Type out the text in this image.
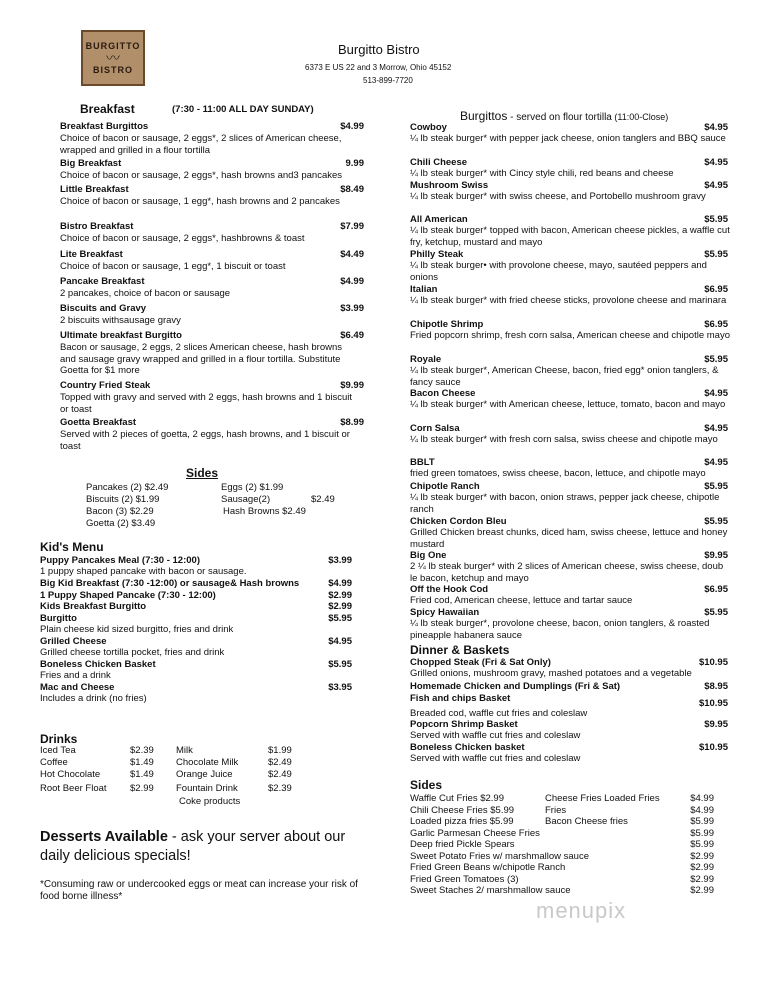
BURGITTO
〰
BISTRO
Burgitto Bistro
6373 E US 22 and 3 Morrow, Ohio 45152
513-899-7720
Breakfast	(7:30 - 11:00 ALL DAY SUNDAY)
Sides
Pancakes (2) $2.49	Eggs (2) $1.99
Biscuits (2) $1.99	Sausage(2)	$2.49
Bacon (3) $2.29	Hash Browns $2.49
Goetta (2) $3.49
Kid's Menu
Drinks
Coke products
Desserts Available - ask your server about our daily delicious specials!
*Consuming raw or undercooked eggs or meat can increase your risk of food borne illness*
Burgittos - served on flour tortilla (11:00-Close)
Dinner & Baskets
Sides
menupix
Breakfast Burgittos	$4.99
Choice of bacon or sausage, 2 eggs*, 2 slices of American cheese, wrapped and grilled in a flour tortilla
Big Breakfast	9.99
Choice of bacon or sausage, 2 eggs*, hash browns and3 pancakes
Little Breakfast	$8.49
Choice of bacon or sausage, 1 egg*, hash browns and 2 pancakes
Bistro Breakfast	$7.99
Choice of bacon or sausage, 2 eggs*, hashbrowns & toast
Lite Breakfast	$4.49
Choice of bacon or sausage, 1 egg*, 1 biscuit or toast
Pancake Breakfast	$4.99
2 pancakes, choice of bacon or sausage
Biscuits and Gravy	$3.99
2 biscuits withsausage gravy
Ultimate breakfast Burgitto	$6.49
Bacon or sausage, 2 eggs, 2 slices American cheese, hash browns and sausage gravy wrapped and grilled in a flour tortilla. Substitute Goetta for $1 more
Country Fried Steak	$9.99
Topped with gravy and served with 2 eggs, hash browns and 1 biscuit or toast
Goetta Breakfast	$8.99
Served with 2 pieces of goetta, 2 eggs, hash browns, and 1 biscuit or toast
Puppy Pancakes Meal (7:30 - 12:00)	$3.99
1 puppy shaped pancake with bacon or sausage.
Big Kid Breakfast (7:30 -12:00) or sausage& Hash browns	$4.99
1 Puppy Shaped Pancake (7:30 - 12:00)	$2.99
Kids Breakfast Burgitto	$2.99
Burgitto	$5.95
Plain cheese kid sized burgitto, fries and drink
Grilled Cheese	$4.95
Grilled cheese tortilla pocket, fries and drink
Boneless Chicken Basket	$5.95
Fries and a drink
Mac and Cheese	$3.95
Includes a drink (no fries)
Iced Tea	$2.39
Coffee	$1.49
Hot Chocolate	$1.49
Root Beer Float $2.99
Milk	$1.99
Chocolate Milk	$2.49
Orange Juice	$2.49
Fountain Drink	$2.39
Cowboy	$4.95
¼ lb steak burger* with pepper jack cheese, onion tanglers and BBQ sauce
Chili Cheese	$4.95
¼ lb steak burger* with Cincy style chili, red beans and cheese
Mushroom Swiss	$4.95
¼ lb steak burger* with swiss cheese, and Portobello mushroom gravy
All American	$5.95
¼ lb steak burger* topped with bacon, American cheese pickles, a waffle cut fry, ketchup, mustard and mayo
Philly Steak	$5.95
¼ lb steak burger• with provolone cheese, mayo, sautéed peppers and onions
Italian	$6.95
¼ lb steak burger* with fried cheese sticks, provolone cheese and marinara
Chipotle Shrimp	$6.95
Fried popcorn shrimp, fresh corn salsa, American cheese and chipotle mayo
Royale	$5.95
¼ lb steak burger*, American Cheese, bacon, fried egg* onion tanglers, & fancy sauce
Bacon Cheese	$4.95
¼ lb steak burger* with American cheese, lettuce, tomato, bacon and mayo
Corn Salsa	$4.95
¼ lb steak burger* with fresh corn salsa, swiss cheese and chipotle mayo
BBLT	$4.95
fried green tomatoes, swiss cheese, bacon, lettuce, and chipotle mayo
Chipotle Ranch	$5.95
¼ lb steak burger* with bacon, onion straws, pepper jack cheese, chipotle ranch
Chicken Cordon Bleu	$5.95
Grilled Chicken breast chunks, diced ham, swiss cheese, lettuce and honey mustard
Big One	$9.95
2 ¼ lb steak burger* with 2 slices of American cheese, swiss cheese, doub le bacon, ketchup and mayo
Off the Hook Cod	$6.95
Fried cod, American cheese, lettuce and tartar sauce
Spicy Hawaiian	$5.95
¼ lb steak burger*, provolone cheese, bacon, onion tanglers, & roasted pineapple habanera sauce
Chopped Steak (Fri & Sat Only)	$10.95
Grilled onions, mushroom gravy, mashed potatoes and a vegetable
Homemade Chicken and Dumplings (Fri & Sat)	$8.95
Fish and chips Basket	$10.95
Breaded cod, waffle cut fries and coleslaw
Popcorn Shrimp Basket	$9.95
Served with waffle cut fries and coleslaw
Boneless Chicken basket	$10.95
Served with waffle cut fries and coleslaw
Waffle Cut Fries $2.99	Cheese Fries Loaded Fries	$4.99
Chili Cheese Fries $5.99	Fries	$4.99
Loaded pizza fries $5.99	Bacon Cheese fries	$5.99
Garlic Parmesan Cheese Fries	$5.99
Deep fried Pickle Spears	$5.99
Sweet Potato Fries w/ marshmallow sauce	$2.99
Fried Green Beans w/chipotle Ranch	$2.99
Fried Green Tomatoes (3)	$2.99
Sweet Staches 2/ marshmallow sauce	$2.99
